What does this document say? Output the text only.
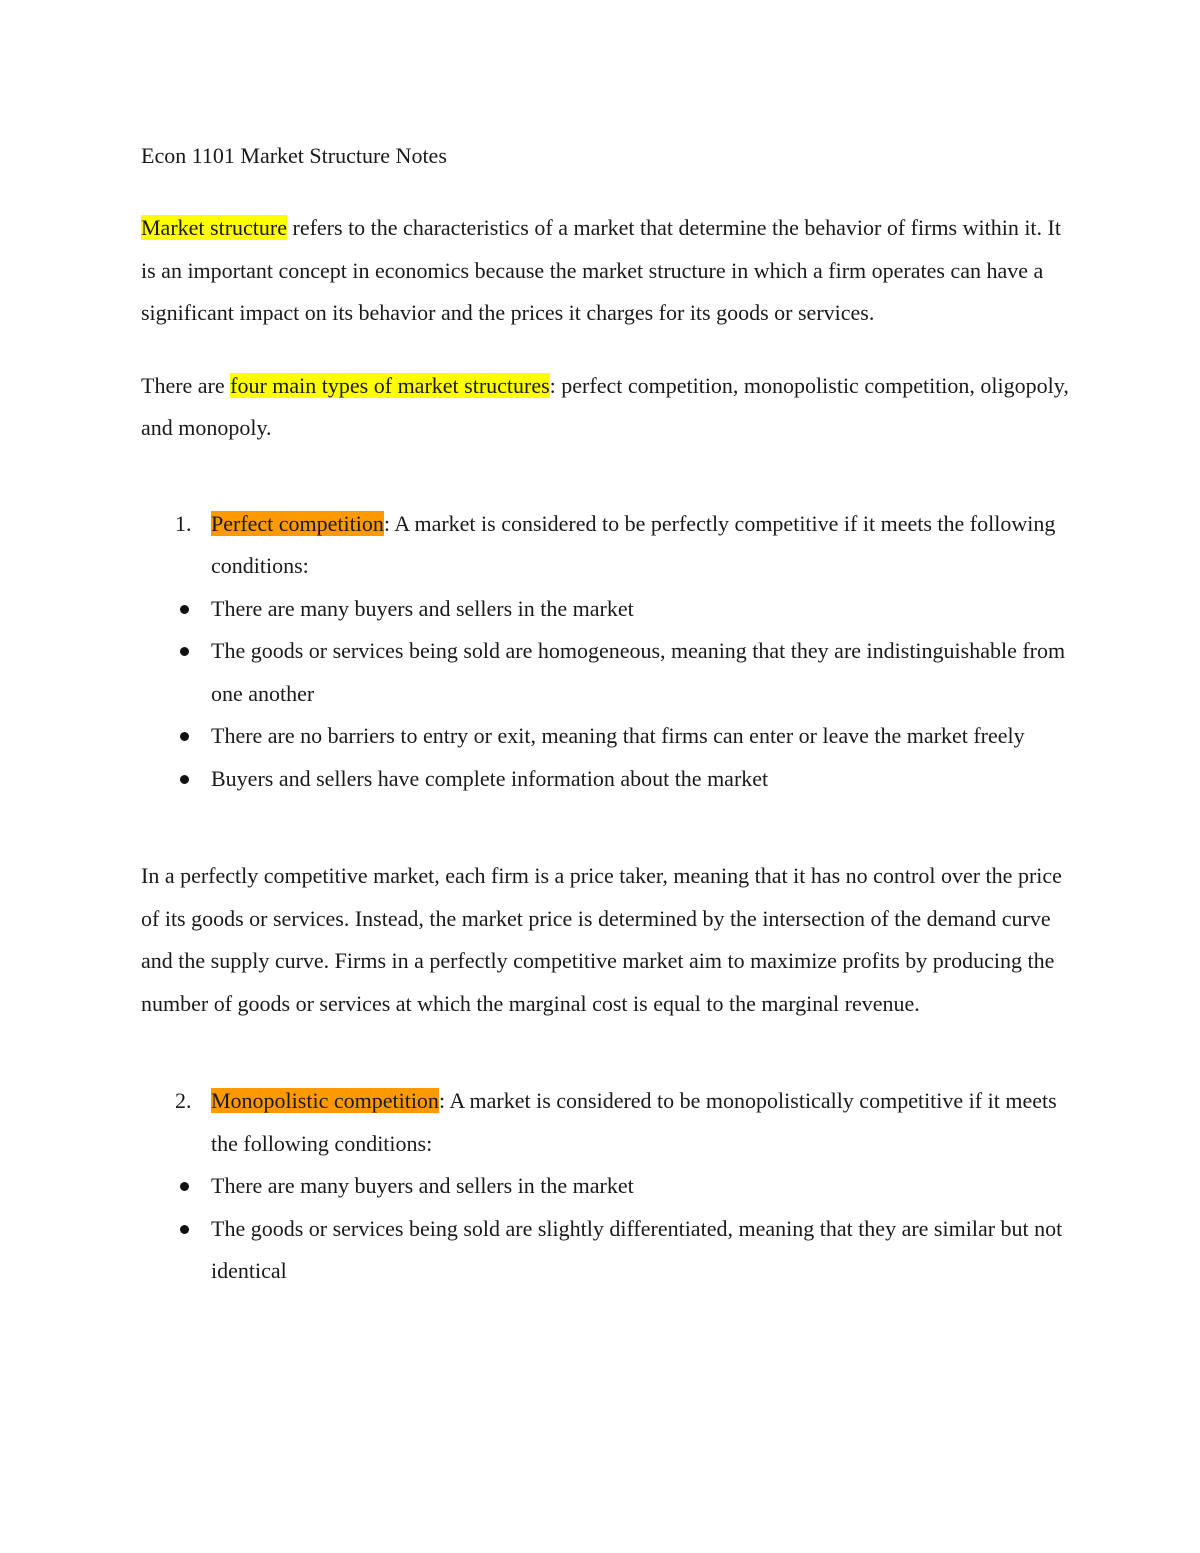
Econ 1101 Market Structure Notes

Market structure refers to the characteristics of a market that determine the behavior of firms within it. It is an important concept in economics because the market structure in which a firm operates can have a significant impact on its behavior and the prices it charges for its goods or services.

There are four main types of market structures: perfect competition, monopolistic competition, oligopoly, and monopoly.

1. Perfect competition: A market is considered to be perfectly competitive if it meets the following conditions:
There are many buyers and sellers in the market
The goods or services being sold are homogeneous, meaning that they are indistinguishable from one another
There are no barriers to entry or exit, meaning that firms can enter or leave the market freely
Buyers and sellers have complete information about the market

In a perfectly competitive market, each firm is a price taker, meaning that it has no control over the price of its goods or services. Instead, the market price is determined by the intersection of the demand curve and the supply curve. Firms in a perfectly competitive market aim to maximize profits by producing the number of goods or services at which the marginal cost is equal to the marginal revenue.

2. Monopolistic competition: A market is considered to be monopolistically competitive if it meets the following conditions:
There are many buyers and sellers in the market
The goods or services being sold are slightly differentiated, meaning that they are similar but not identical
